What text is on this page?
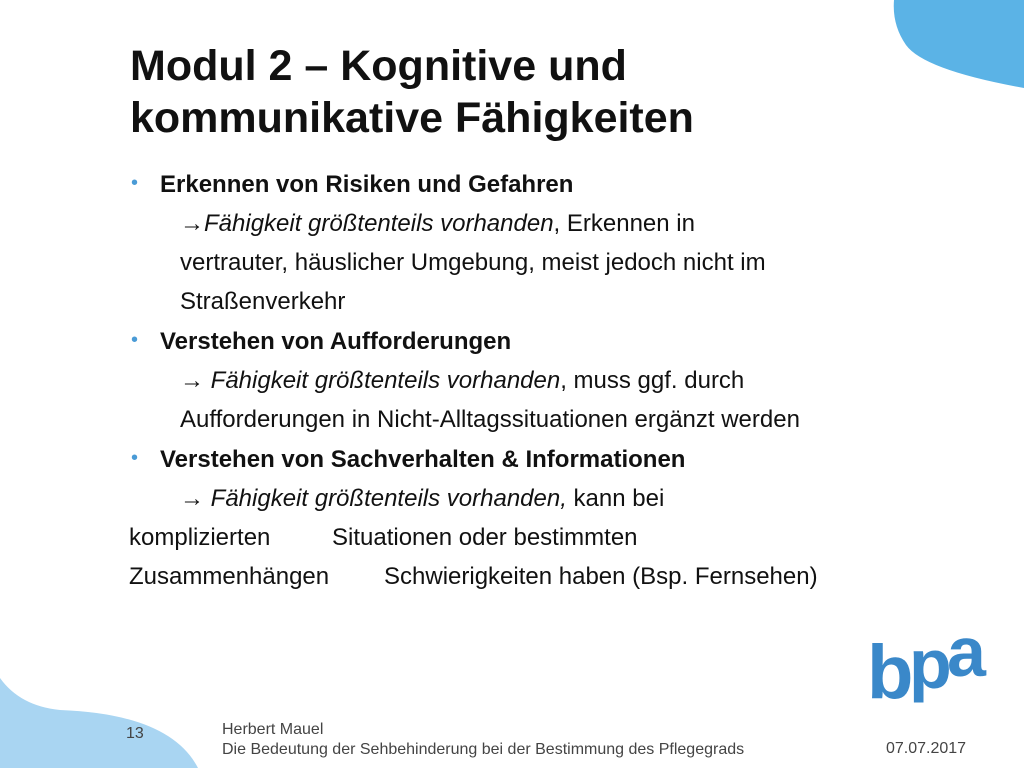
Modul 2 – Kognitive und
kommunikative Fähigkeiten
• Erkennen von Risiken und Gefahren
→Fähigkeit größtenteils vorhanden, Erkennen in
vertrauter, häuslicher Umgebung, meist jedoch nicht im
Straßenverkehr
• Verstehen von Aufforderungen
→ Fähigkeit größtenteils vorhanden, muss ggf. durch
Aufforderungen in Nicht-Alltagssituationen ergänzt werden
• Verstehen von Sachverhalten & Informationen
→ Fähigkeit größtenteils vorhanden, kann bei
komplizierten	Situationen oder bestimmten
Zusammenhängen Schwierigkeiten haben (Bsp. Fernsehen)
b
p
a
13	Herbert Mauel
Die Bedeutung der Sehbehinderung bei der Bestimmung des Pflegegrads	07.07.2017
